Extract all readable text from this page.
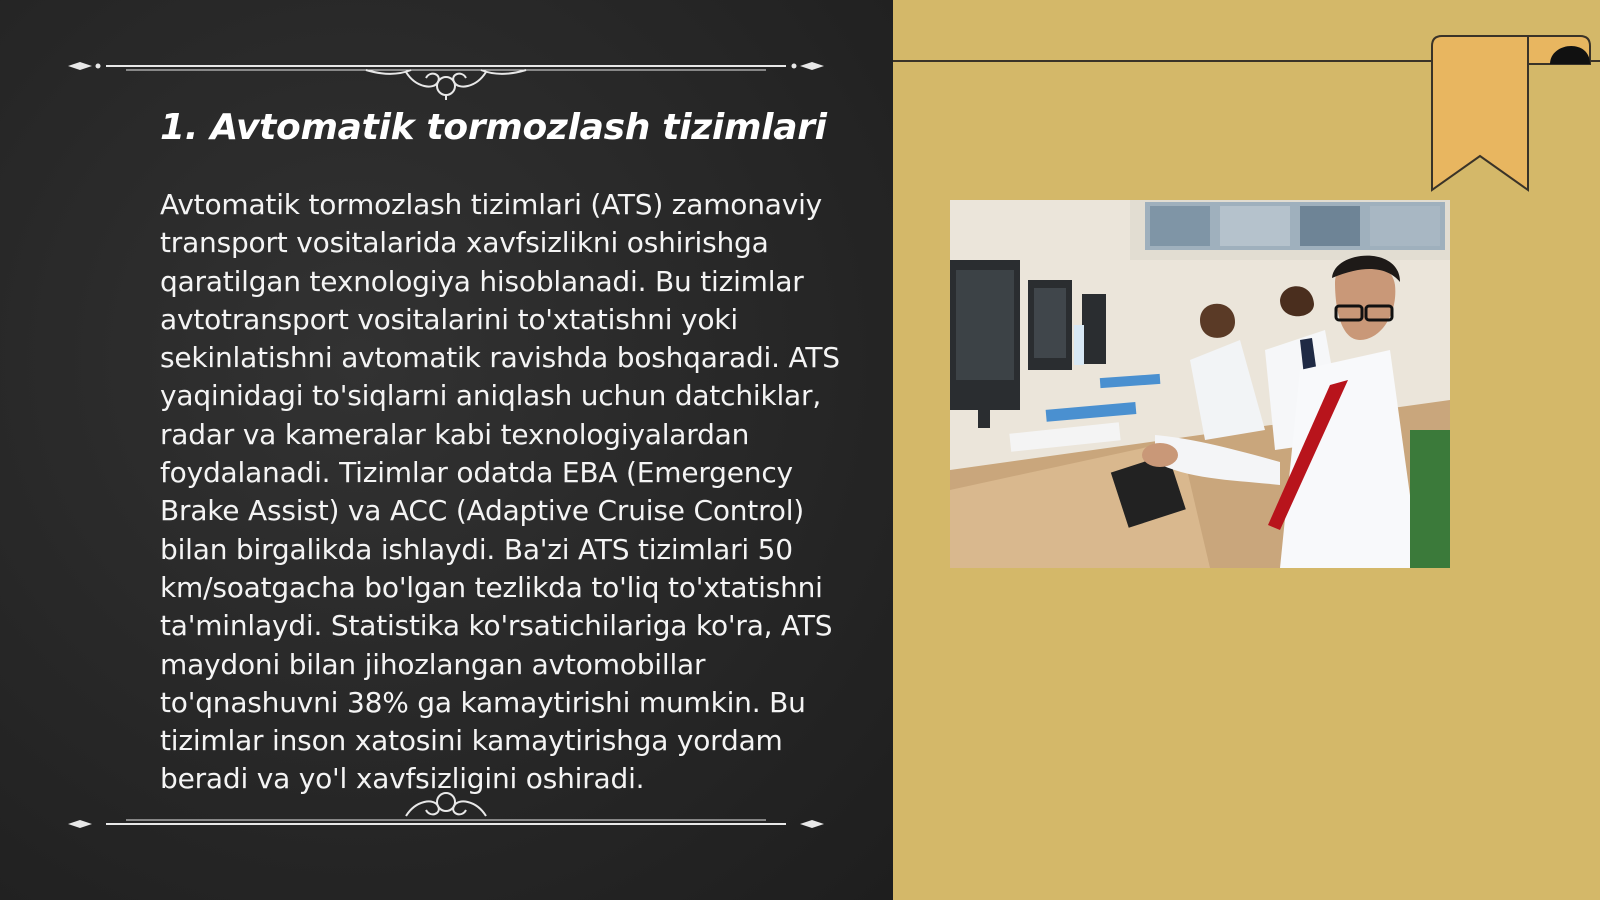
1. Avtomatik tormozlash tizimlari

Avtomatik tormozlash tizimlari (ATS) zamonaviy transport vositalarida xavfsizlikni oshirishga qaratilgan texnologiya hisoblanadi. Bu tizimlar avtotransport vositalarini to'xtatishni yoki sekinlatishni avtomatik ravishda boshqaradi. ATS yaqinidagi to'siqlarni aniqlash uchun datchiklar, radar va kameralar kabi texnologiyalardan foydalanadi. Tizimlar odatda EBA (Emergency Brake Assist) va ACC (Adaptive Cruise Control) bilan birgalikda ishlaydi. Ba'zi ATS tizimlari 50 km/soatgacha bo'lgan tezlikda to'liq to'xtatishni ta'minlaydi. Statistika ko'rsatichilariga ko'ra, ATS maydoni bilan jihozlangan avtomobillar to'qnashuvni 38% ga kamaytirishi mumkin. Bu tizimlar inson xatosini kamaytirishga yordam beradi va yo'l xavfsizligini oshiradi.
